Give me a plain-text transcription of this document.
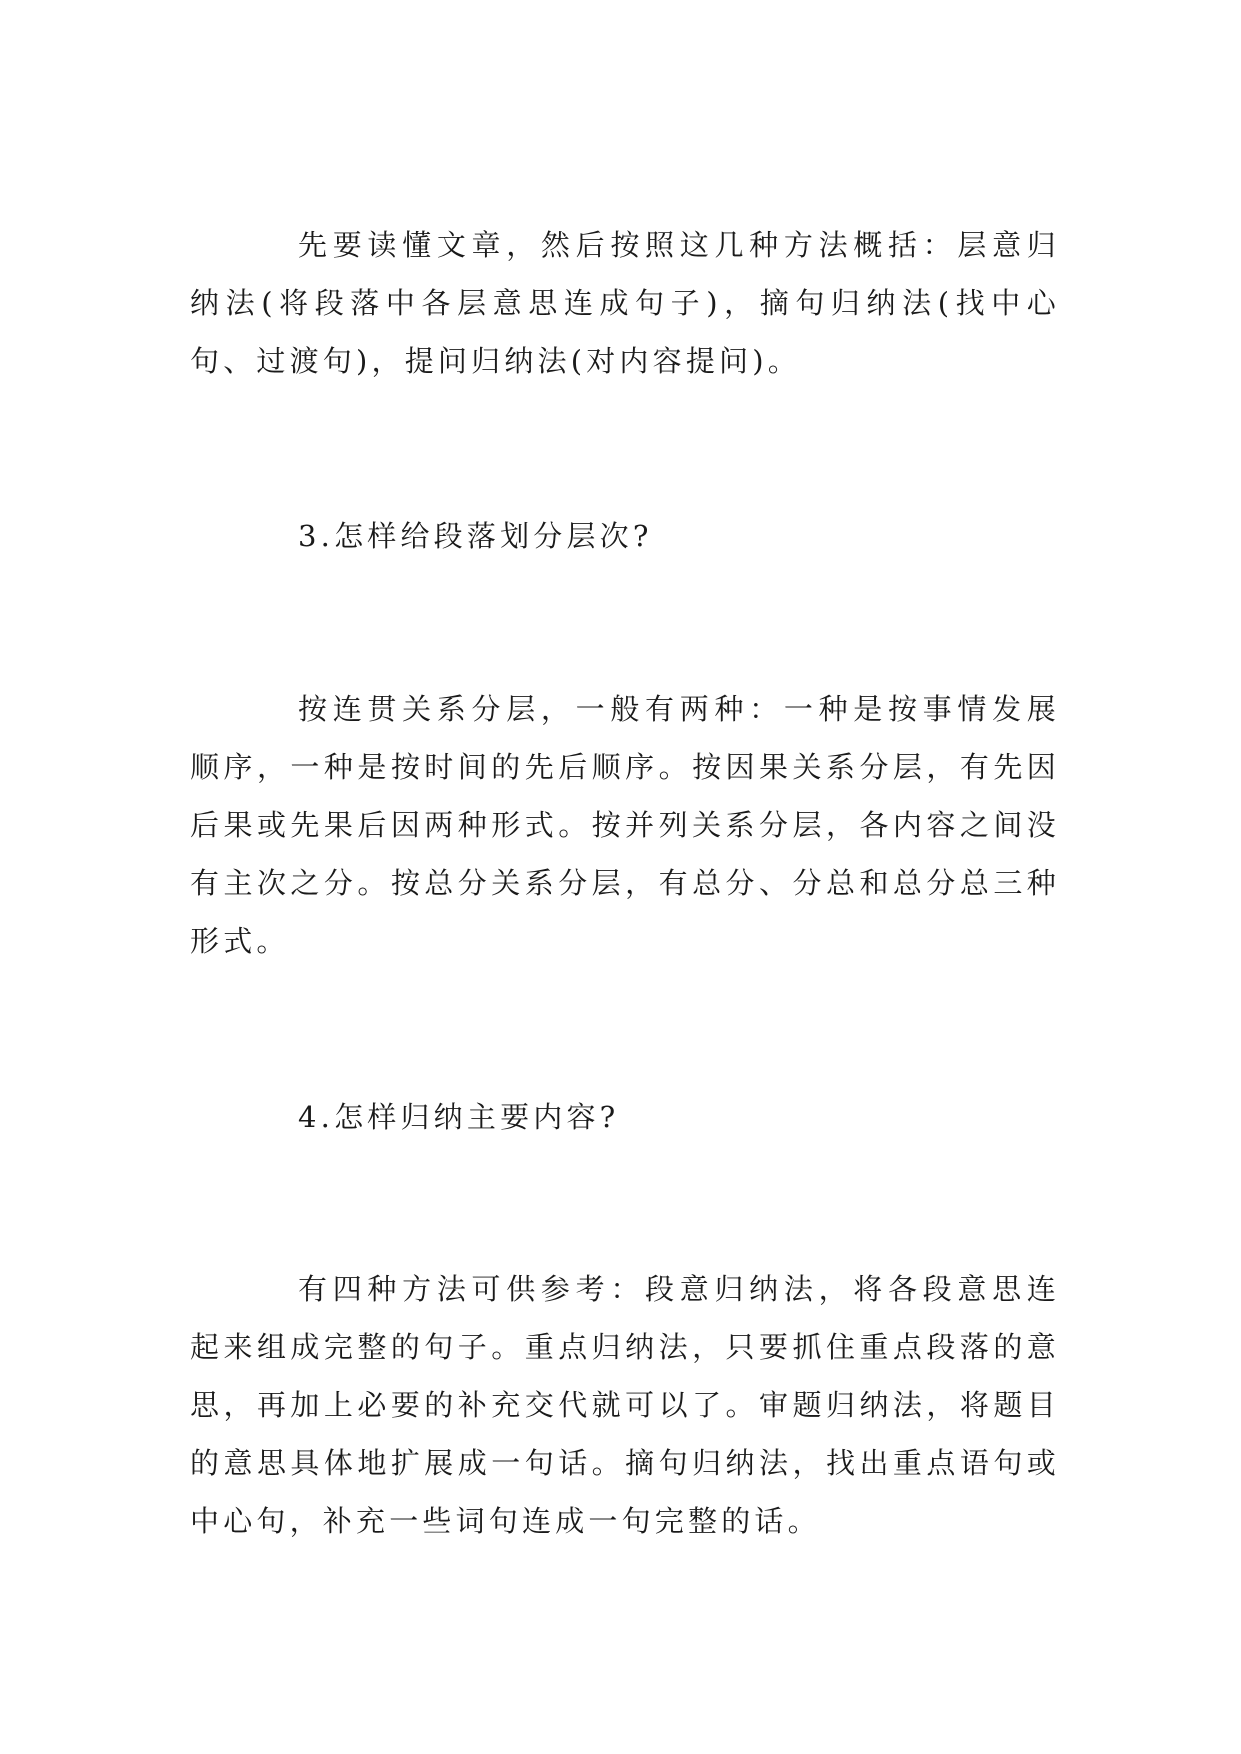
先要读懂文章，然后按照这几种方法概括：层意归纳法(将段落中各层意思连成句子)，摘句归纳法(找中心句、过渡句)，提问归纳法(对内容提问)。

3.怎样给段落划分层次?

按连贯关系分层，一般有两种：一种是按事情发展顺序，一种是按时间的先后顺序。按因果关系分层，有先因后果或先果后因两种形式。按并列关系分层，各内容之间没有主次之分。按总分关系分层，有总分、分总和总分总三种形式。

4.怎样归纳主要内容?

有四种方法可供参考：段意归纳法，将各段意思连起来组成完整的句子。重点归纳法，只要抓住重点段落的意思，再加上必要的补充交代就可以了。审题归纳法，将题目的意思具体地扩展成一句话。摘句归纳法，找出重点语句或中心句，补充一些词句连成一句完整的话。
